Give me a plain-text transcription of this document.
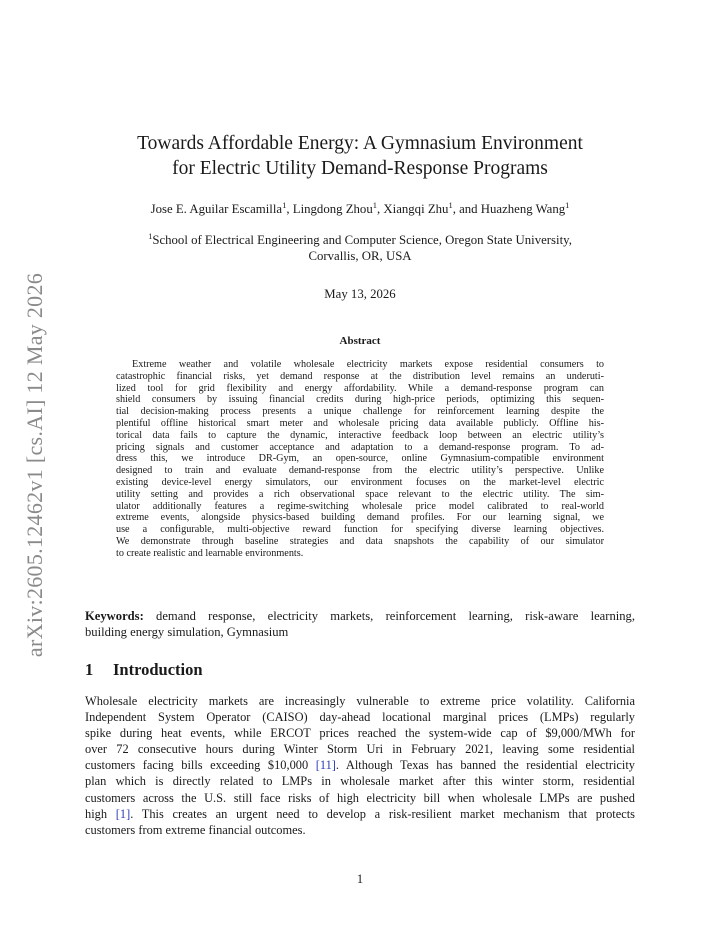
arXiv:2605.12462v1 [cs.AI] 12 May 2026
Towards Affordable Energy: A Gymnasium Environment
for Electric Utility Demand-Response Programs
Jose E. Aguilar Escamilla$^1$, Lingdong Zhou$^1$, Xiangqi Zhu$^1$, and Huazheng Wang$^1$
$^1$School of Electrical Engineering and Computer Science, Oregon State University,
Corvallis, OR, USA
May 13, 2026
Abstract
Extreme weather and volatile wholesale electricity markets expose residential consumers to
catastrophic financial risks, yet demand response at the distribution level remains an underuti-
lized tool for grid flexibility and energy affordability. While a demand-response program can
shield consumers by issuing financial credits during high-price periods, optimizing this sequen-
tial decision-making process presents a unique challenge for reinforcement learning despite the
plentiful offline historical smart meter and wholesale pricing data available publicly. Offline his-
torical data fails to capture the dynamic, interactive feedback loop between an electric utility’s
pricing signals and customer acceptance and adaptation to a demand-response program. To ad-
dress this, we introduce DR-Gym, an open-source, online Gymnasium-compatible environment
designed to train and evaluate demand-response from the electric utility’s perspective. Unlike
existing device-level energy simulators, our environment focuses on the market-level electric
utility setting and provides a rich observational space relevant to the electric utility. The sim-
ulator additionally features a regime-switching wholesale price model calibrated to real-world
extreme events, alongside physics-based building demand profiles. For our learning signal, we
use a configurable, multi-objective reward function for specifying diverse learning objectives.
We demonstrate through baseline strategies and data snapshots the capability of our simulator
to create realistic and learnable environments.
Keywords: demand response, electricity markets, reinforcement learning, risk-aware learning,
building energy simulation, Gymnasium
1 Introduction
Wholesale electricity markets are increasingly vulnerable to extreme price volatility. California
Independent System Operator (CAISO) day-ahead locational marginal prices (LMPs) regularly
spike during heat events, while ERCOT prices reached the system-wide cap of $9,000/MWh for
over 72 consecutive hours during Winter Storm Uri in February 2021, leaving some residential
customers facing bills exceeding $10,000 [11]. Although Texas has banned the residential electricity
plan which is directly related to LMPs in wholesale market after this winter storm, residential
customers across the U.S. still face risks of high electricity bill when wholesale LMPs are pushed
high [1]. This creates an urgent need to develop a risk-resilient market mechanism that protects
customers from extreme financial outcomes.
1
